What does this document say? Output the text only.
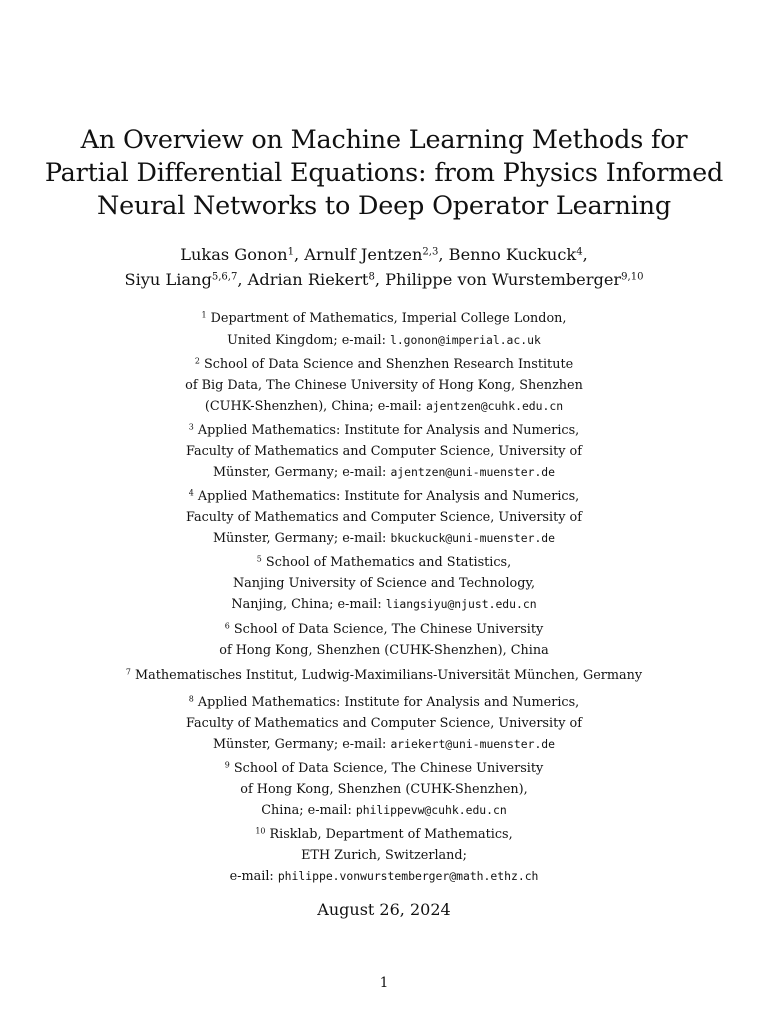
An Overview on Machine Learning Methods for
Partial Differential Equations: from Physics Informed
Neural Networks to Deep Operator Learning
Lukas Gonon$^1$, Arnulf Jentzen$^{2,3}$, Benno Kuckuck$^4$,
Siyu Liang$^{5,6,7}$, Adrian Riekert$^8$, Philippe von Wurstemberger$^{9,10}$
$^1$ Department of Mathematics, Imperial College London,
United Kingdom; e-mail: l.gonon@imperial.ac.uk
$^2$ School of Data Science and Shenzhen Research Institute
of Big Data, The Chinese University of Hong Kong, Shenzhen
(CUHK-Shenzhen), China; e-mail: ajentzen@cuhk.edu.cn
$^3$ Applied Mathematics: Institute for Analysis and Numerics,
Faculty of Mathematics and Computer Science, University of
Münster, Germany; e-mail: ajentzen@uni-muenster.de
$^4$ Applied Mathematics: Institute for Analysis and Numerics,
Faculty of Mathematics and Computer Science, University of
Münster, Germany; e-mail: bkuckuck@uni-muenster.de
$^5$ School of Mathematics and Statistics,
Nanjing University of Science and Technology,
Nanjing, China; e-mail: liangsiyu@njust.edu.cn
$^6$ School of Data Science, The Chinese University
of Hong Kong, Shenzhen (CUHK-Shenzhen), China
$^7$ Mathematisches Institut, Ludwig-Maximilians-Universität München, Germany
$^8$ Applied Mathematics: Institute for Analysis and Numerics,
Faculty of Mathematics and Computer Science, University of
Münster, Germany; e-mail: ariekert@uni-muenster.de
$^9$ School of Data Science, The Chinese University
of Hong Kong, Shenzhen (CUHK-Shenzhen),
China; e-mail: philippevw@cuhk.edu.cn
$^{10}$ Risklab, Department of Mathematics,
ETH Zurich, Switzerland;
e-mail: philippe.vonwurstemberger@math.ethz.ch
August 26, 2024
1
